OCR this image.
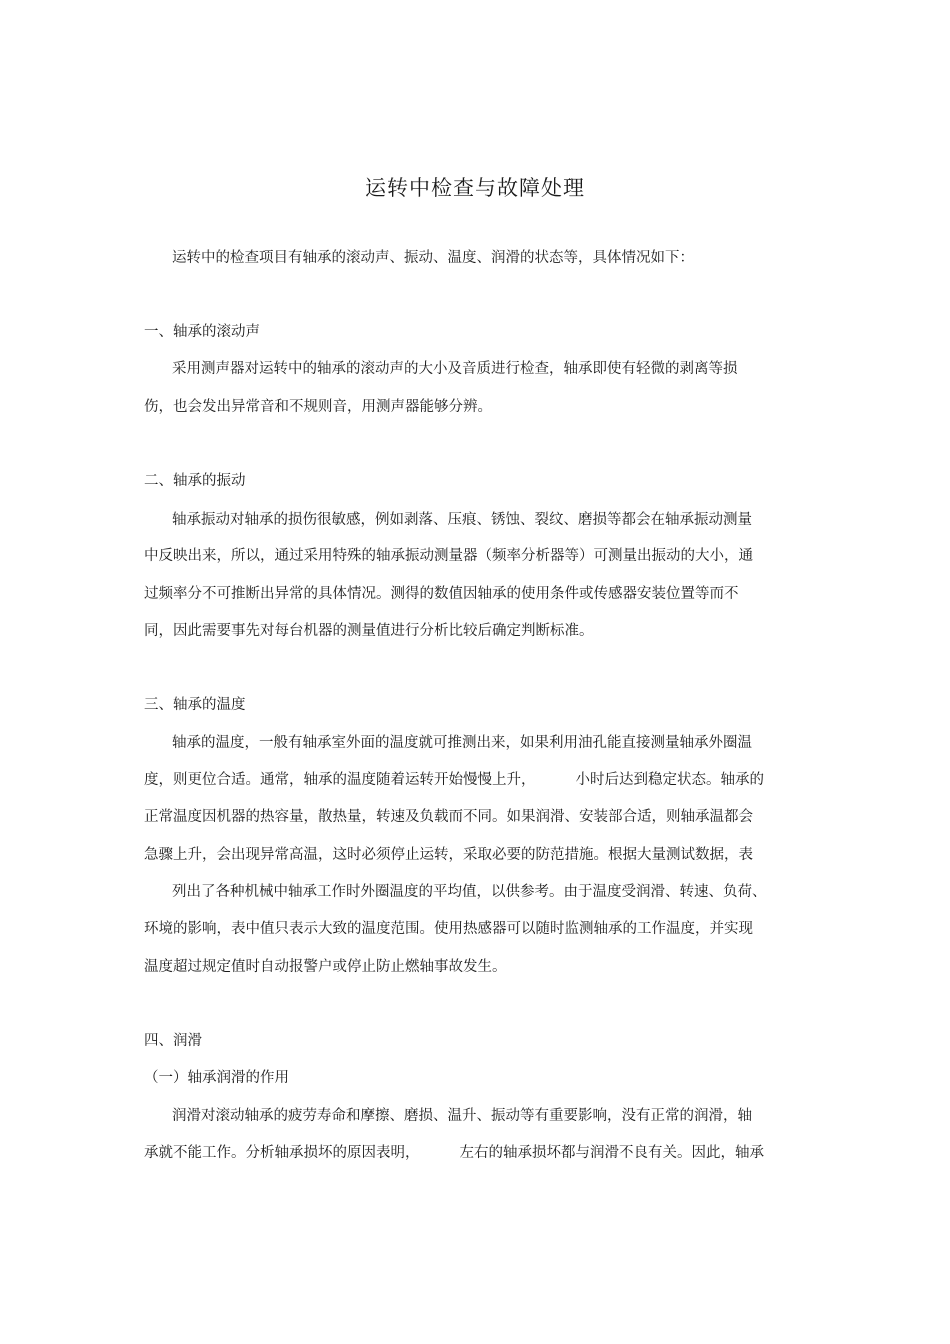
运转中检查与故障处理
运转中的检查项目有轴承的滚动声、振动、温度、润滑的状态等，具体情况如下：
一、轴承的滚动声
采用测声器对运转中的轴承的滚动声的大小及音质进行检查，轴承即使有轻微的剥离等损
伤，也会发出异常音和不规则音，用测声器能够分辨。
二、轴承的振动
轴承振动对轴承的损伤很敏感，例如剥落、压痕、锈蚀、裂纹、磨损等都会在轴承振动测量
中反映出来，所以，通过采用特殊的轴承振动测量器（频率分析器等）可测量出振动的大小，通
过频率分不可推断出异常的具体情况。测得的数值因轴承的使用条件或传感器安装位置等而不
同，因此需要事先对每台机器的测量值进行分析比较后确定判断标准。
三、轴承的温度
轴承的温度，一般有轴承室外面的温度就可推测出来，如果利用油孔能直接测量轴承外圈温
度，则更位合适。通常，轴承的温度随着运转开始慢慢上升，	小时后达到稳定状态。轴承的
正常温度因机器的热容量，散热量，转速及负载而不同。如果润滑、安装部合适，则轴承温都会
急骤上升，会出现异常高温，这时必须停止运转，采取必要的防范措施。根据大量测试数据，表
列出了各种机械中轴承工作时外圈温度的平均值，以供参考。由于温度受润滑、转速、负荷、
环境的影响，表中值只表示大致的温度范围。使用热感器可以随时监测轴承的工作温度，并实现
温度超过规定值时自动报警户或停止防止燃轴事故发生。
四、润滑
（一）轴承润滑的作用
润滑对滚动轴承的疲劳寿命和摩擦、磨损、温升、振动等有重要影响，没有正常的润滑，轴
承就不能工作。分析轴承损坏的原因表明，	左右的轴承损坏都与润滑不良有关。因此，轴承
